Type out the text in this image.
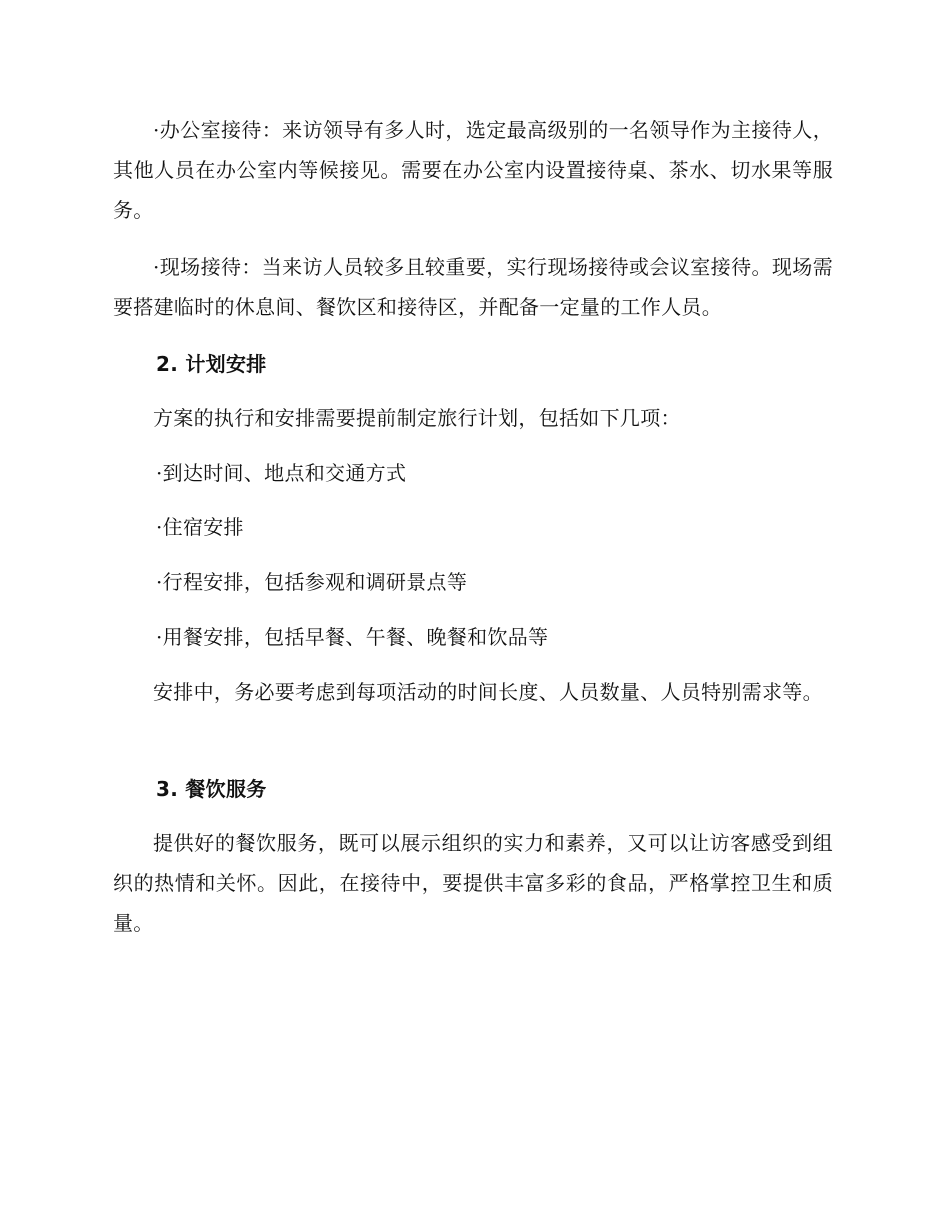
·办公室接待：来访领导有多人时，选定最高级别的一名领导作为主接待人，其他人员在办公室内等候接见。需要在办公室内设置接待桌、茶水、切水果等服务。

·现场接待：当来访人员较多且较重要，实行现场接待或会议室接待。现场需要搭建临时的休息间、餐饮区和接待区，并配备一定量的工作人员。

2. 计划安排

方案的执行和安排需要提前制定旅行计划，包括如下几项：

·到达时间、地点和交通方式

·住宿安排

·行程安排，包括参观和调研景点等

·用餐安排，包括早餐、午餐、晚餐和饮品等

安排中，务必要考虑到每项活动的时间长度、人员数量、人员特别需求等。

3. 餐饮服务

提供好的餐饮服务，既可以展示组织的实力和素养，又可以让访客感受到组织的热情和关怀。因此，在接待中，要提供丰富多彩的食品，严格掌控卫生和质量。
